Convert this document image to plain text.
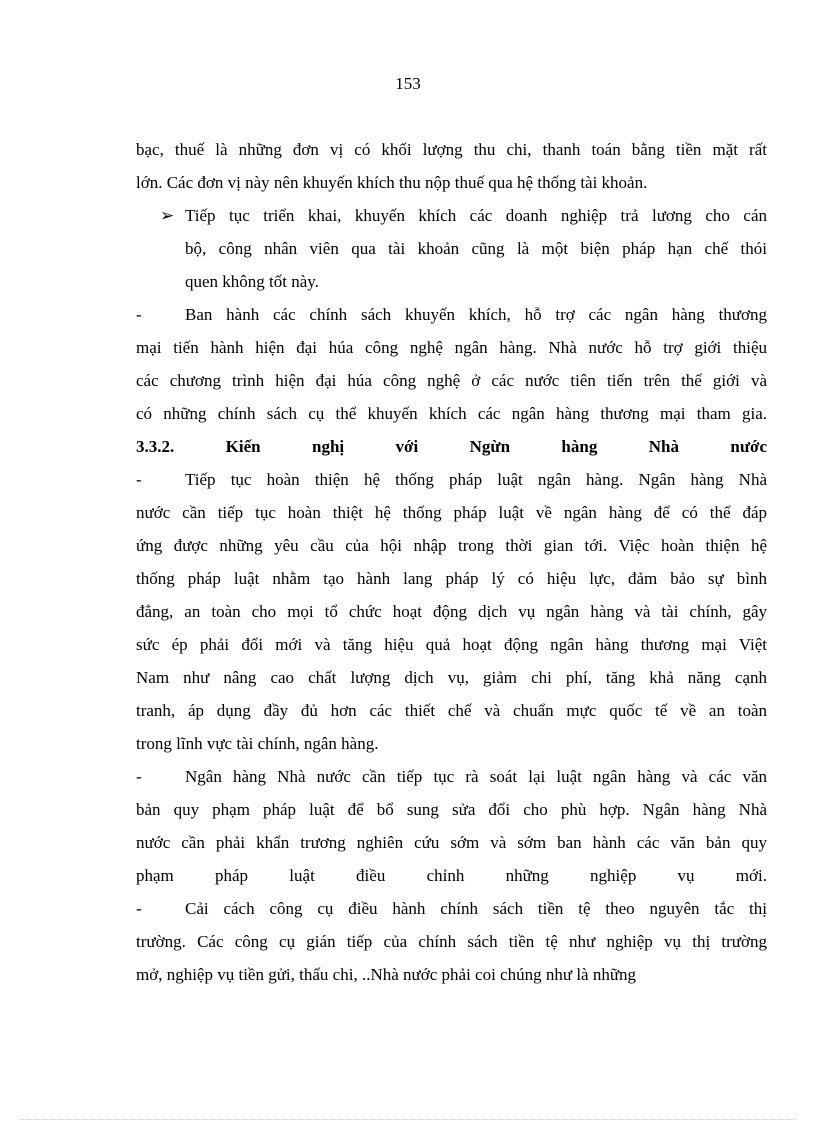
153
bạc, thuế là những đơn vị có khối lượng thu chi, thanh toán bằng tiền mặt rất
lớn. Các đơn vị này nên khuyến khích thu nộp thuế qua hệ thống tài khoản.
➢ Tiếp tục triển khai, khuyến khích các doanh nghiệp trả lương cho cán
bộ, công nhân viên qua tài khoản cũng là một biện pháp hạn chế thói
quen không tốt này.
-	Ban hành các chính sách khuyến khích, hỗ trợ các ngân hàng thương
mại tiến hành hiện đại húa công nghệ ngân hàng. Nhà nước hỗ trợ giới thiệu
các chương trình hiện đại húa công nghệ ở các nước tiên tiến trên thế giới và
có những chính sách cụ thể khuyến khích các ngân hàng thương mại tham gia.
3.3.2. Kiến nghị với Ngừn hàng Nhà nước
-	Tiếp tục hoàn thiện hệ thống pháp luật ngân hàng. Ngân hàng Nhà
nước cần tiếp tục hoàn thiệt hệ thống pháp luật về ngân hàng để có thể đáp
ứng được những yêu cầu của hội nhập trong thời gian tới. Việc hoàn thiện hệ
thống pháp luật nhằm tạo hành lang pháp lý có hiệu lực, đảm bảo sự bình
đẳng, an toàn cho mọi tổ chức hoạt động dịch vụ ngân hàng và tài chính, gây
sức ép phải đổi mới và tăng hiệu quả hoạt động ngân hàng thương mại Việt
Nam như nâng cao chất lượng dịch vụ, giảm chi phí, tăng khả năng cạnh
tranh, áp dụng đầy đủ hơn các thiết chế và chuẩn mực quốc tế về an toàn
trong lĩnh vực tài chính, ngân hàng.
-	Ngân hàng Nhà nước cần tiếp tục rà soát lại luật ngân hàng và các văn
bản quy phạm pháp luật để bổ sung sửa đổi cho phù hợp. Ngân hàng Nhà
nước cần phải khẩn trương nghiên cứu sớm và sớm ban hành các văn bản quy
phạm pháp luật điều chỉnh những nghiệp vụ mới.
-	Cải cách công cụ điều hành chính sách tiền tệ theo nguyên tắc thị
trường. Các công cụ gián tiếp của chính sách tiền tệ như nghiệp vụ thị trường
mở, nghiệp vụ tiền gửi, thấu chi, ..Nhà nước phải coi chúng như là những
